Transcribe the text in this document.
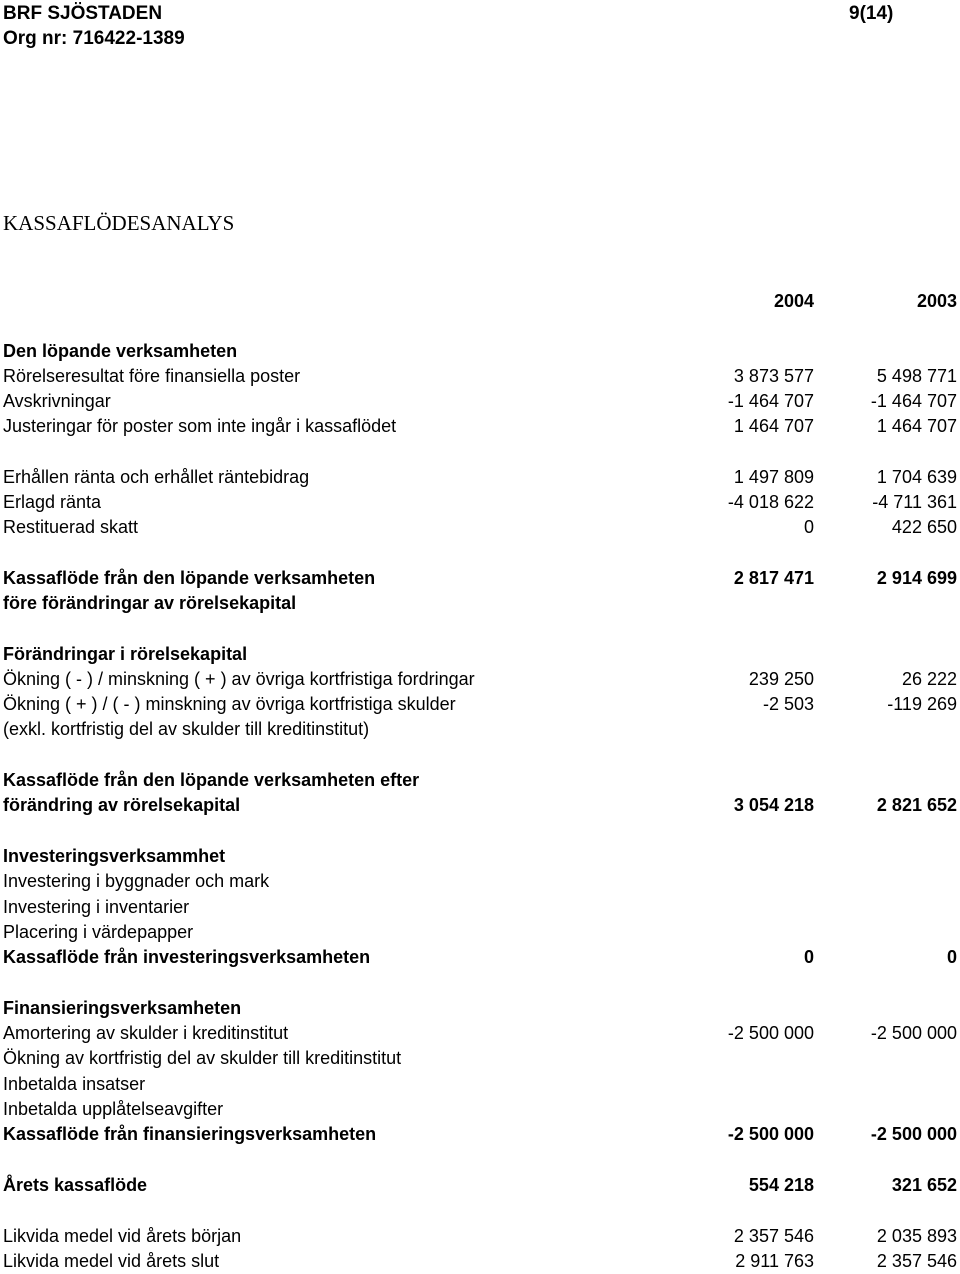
BRF SJÖSTADEN
Org nr: 716422-1389
9(14)
KASSAFLÖDESANALYS
2004	2003
Den löpande verksamheten
Rörelseresultat före finansiella poster	3 873 577	5 498 771
Avskrivningar	-1 464 707	-1 464 707
Justeringar för poster som inte ingår i kassaflödet	1 464 707	1 464 707
Erhållen ränta och erhållet räntebidrag	1 497 809	1 704 639
Erlagd ränta	-4 018 622	-4 711 361
Restituerad skatt	0	422 650
Kassaflöde från den löpande verksamheten	2 817 471	2 914 699
före förändringar av rörelsekapital
Förändringar i rörelsekapital
Ökning ( - ) / minskning ( + ) av övriga kortfristiga fordringar	239 250	26 222
Ökning ( + ) / ( - ) minskning av övriga kortfristiga skulder	-2 503	-119 269
(exkl. kortfristig del av skulder till kreditinstitut)
Kassaflöde från den löpande verksamheten efter
förändring av rörelsekapital	3 054 218	2 821 652
Investeringsverksammhet
Investering i byggnader och mark
Investering i inventarier
Placering i värdepapper
Kassaflöde från investeringsverksamheten	0	0
Finansieringsverksamheten
Amortering av skulder i kreditinstitut	-2 500 000	-2 500 000
Ökning av kortfristig del av skulder till kreditinstitut
Inbetalda insatser
Inbetalda upplåtelseavgifter
Kassaflöde från finansieringsverksamheten	-2 500 000	-2 500 000
Årets kassaflöde	554 218	321 652
Likvida medel vid årets början	2 357 546	2 035 893
Likvida medel vid årets slut	2 911 763	2 357 546
